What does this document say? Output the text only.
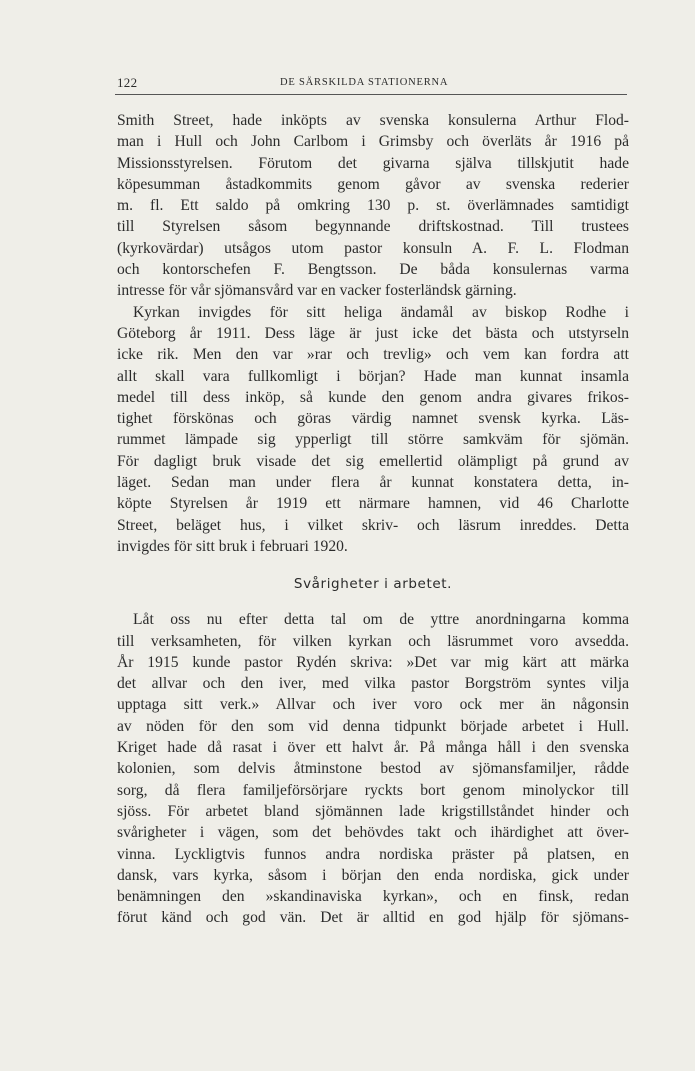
122	DE SÄRSKILDA STATIONERNA
Smith Street, hade inköpts av svenska konsulerna Arthur Flod-
man i Hull och John Carlbom i Grimsby och överläts år 1916 på
Missionsstyrelsen. Förutom det givarna själva tillskjutit hade
köpesumman åstadkommits genom gåvor av svenska rederier
m. fl. Ett saldo på omkring 130 p. st. överlämnades samtidigt
till Styrelsen såsom begynnande driftskostnad. Till trustees
(kyrkovärdar) utsågos utom pastor konsuln A. F. L. Flodman
och kontorschefen F. Bengtsson. De båda konsulernas varma
intresse för vår sjömansvård var en vacker fosterländsk gärning.
Kyrkan invigdes för sitt heliga ändamål av biskop Rodhe i
Göteborg år 1911. Dess läge är just icke det bästa och utstyrseln
icke rik. Men den var »rar och trevlig» och vem kan fordra att
allt skall vara fullkomligt i början? Hade man kunnat insamla
medel till dess inköp, så kunde den genom andra givares frikos-
tighet förskönas och göras värdig namnet svensk kyrka. Läs-
rummet lämpade sig ypperligt till större samkväm för sjömän.
För dagligt bruk visade det sig emellertid olämpligt på grund av
läget. Sedan man under flera år kunnat konstatera detta, in-
köpte Styrelsen år 1919 ett närmare hamnen, vid 46 Charlotte
Street, beläget hus, i vilket skriv- och läsrum inreddes. Detta
invigdes för sitt bruk i februari 1920.
Svårigheter i arbetet.
Låt oss nu efter detta tal om de yttre anordningarna komma
till verksamheten, för vilken kyrkan och läsrummet voro avsedda.
År 1915 kunde pastor Rydén skriva: »Det var mig kärt att märka
det allvar och den iver, med vilka pastor Borgström syntes vilja
upptaga sitt verk.» Allvar och iver voro ock mer än någonsin
av nöden för den som vid denna tidpunkt började arbetet i Hull.
Kriget hade då rasat i över ett halvt år. På många håll i den svenska
kolonien, som delvis åtminstone bestod av sjömansfamiljer, rådde
sorg, då flera familjeförsörjare ryckts bort genom minolyckor till
sjöss. För arbetet bland sjömännen lade krigstillståndet hinder och
svårigheter i vägen, som det behövdes takt och ihärdighet att över-
vinna. Lyckligtvis funnos andra nordiska präster på platsen, en
dansk, vars kyrka, såsom i början den enda nordiska, gick under
benämningen den »skandinaviska kyrkan», och en finsk, redan
förut känd och god vän. Det är alltid en god hjälp för sjömans-
